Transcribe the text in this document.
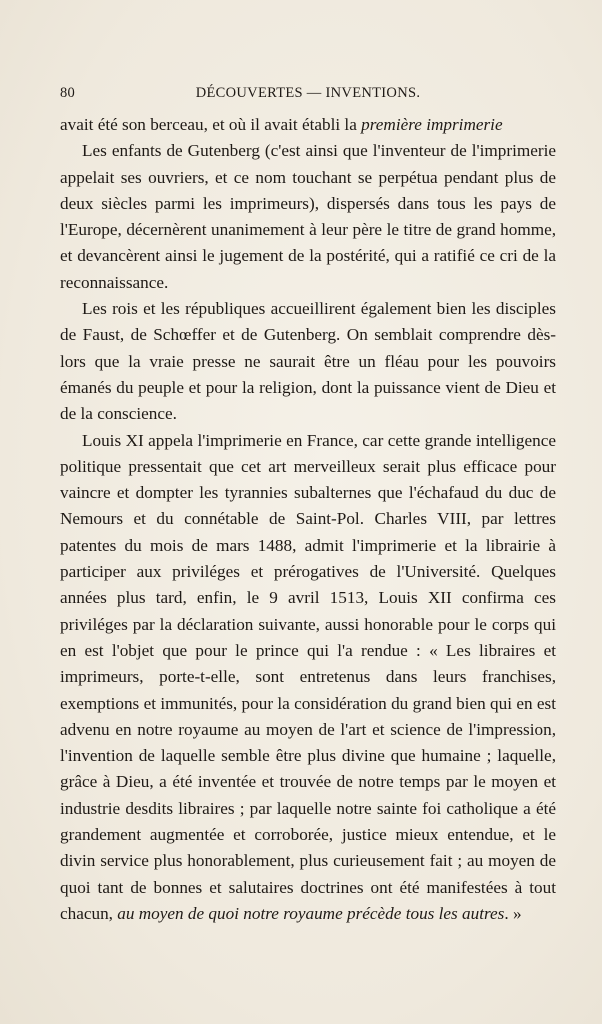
80	DÉCOUVERTES — INVENTIONS.

avait été son berceau, et où il avait établi la première imprimerie

Les enfants de Gutenberg (c'est ainsi que l'inventeur de l'imprimerie appelait ses ouvriers, et ce nom touchant se perpétua pendant plus de deux siècles parmi les imprimeurs), dispersés dans tous les pays de l'Europe, décernèrent unanimement à leur père le titre de grand homme, et devancèrent ainsi le jugement de la postérité, qui a ratifié ce cri de la reconnaissance.

Les rois et les républiques accueillirent également bien les disciples de Faust, de Schœffer et de Gutenberg. On semblait comprendre dès-lors que la vraie presse ne saurait être un fléau pour les pouvoirs émanés du peuple et pour la religion, dont la puissance vient de Dieu et de la conscience.

Louis XI appela l'imprimerie en France, car cette grande intelligence politique pressentait que cet art merveilleux serait plus efficace pour vaincre et dompter les tyrannies subalternes que l'échafaud du duc de Nemours et du connétable de Saint-Pol. Charles VIII, par lettres patentes du mois de mars 1488, admit l'imprimerie et la librairie à participer aux priviléges et prérogatives de l'Université. Quelques années plus tard, enfin, le 9 avril 1513, Louis XII confirma ces priviléges par la déclaration suivante, aussi honorable pour le corps qui en est l'objet que pour le prince qui l'a rendue : « Les libraires et imprimeurs, porte-t-elle, sont entretenus dans leurs franchises, exemptions et immunités, pour la considération du grand bien qui en est advenu en notre royaume au moyen de l'art et science de l'impression, l'invention de laquelle semble être plus divine que humaine ; laquelle, grâce à Dieu, a été inventée et trouvée de notre temps par le moyen et industrie desdits libraires ; par laquelle notre sainte foi catholique a été grandement augmentée et corroborée, justice mieux entendue, et le divin service plus honorablement, plus curieusement fait ; au moyen de quoi tant de bonnes et salutaires doctrines ont été manifestées à tout chacun, au moyen de quoi notre royaume précède tous les autres. »
